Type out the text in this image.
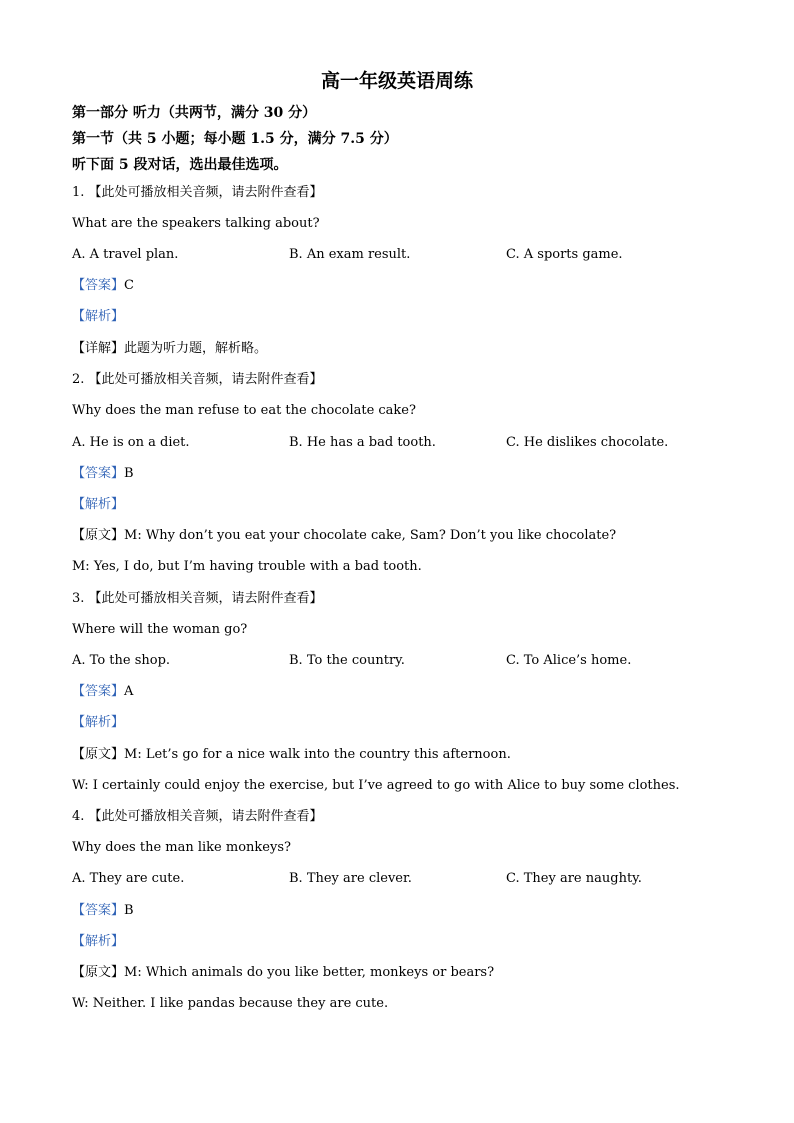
高一年级英语周练
第一部分 听力（共两节，满分 30 分）
第一节（共 5 小题；每小题 1.5 分，满分 7.5 分）
听下面 5 段对话，选出最佳选项。
1. 【此处可播放相关音频，请去附件查看】
What are the speakers talking about?
A. A travel plan.	B. An exam result.	C. A sports game.
【答案】C
【解析】
【详解】此题为听力题，解析略。
2. 【此处可播放相关音频，请去附件查看】
Why does the man refuse to eat the chocolate cake?
A. He is on a diet.	B. He has a bad tooth.	C. He dislikes chocolate.
【答案】B
【解析】
【原文】M: Why don’t you eat your chocolate cake, Sam? Don’t you like chocolate?
M: Yes, I do, but I’m having trouble with a bad tooth.
3. 【此处可播放相关音频，请去附件查看】
Where will the woman go?
A. To the shop.	B. To the country.	C. To Alice’s home.
【答案】A
【解析】
【原文】M: Let’s go for a nice walk into the country this afternoon.
W: I certainly could enjoy the exercise, but I’ve agreed to go with Alice to buy some clothes.
4. 【此处可播放相关音频，请去附件查看】
Why does the man like monkeys?
A. They are cute.	B. They are clever.	C. They are naughty.
【答案】B
【解析】
【原文】M: Which animals do you like better, monkeys or bears?
W: Neither. I like pandas because they are cute.
